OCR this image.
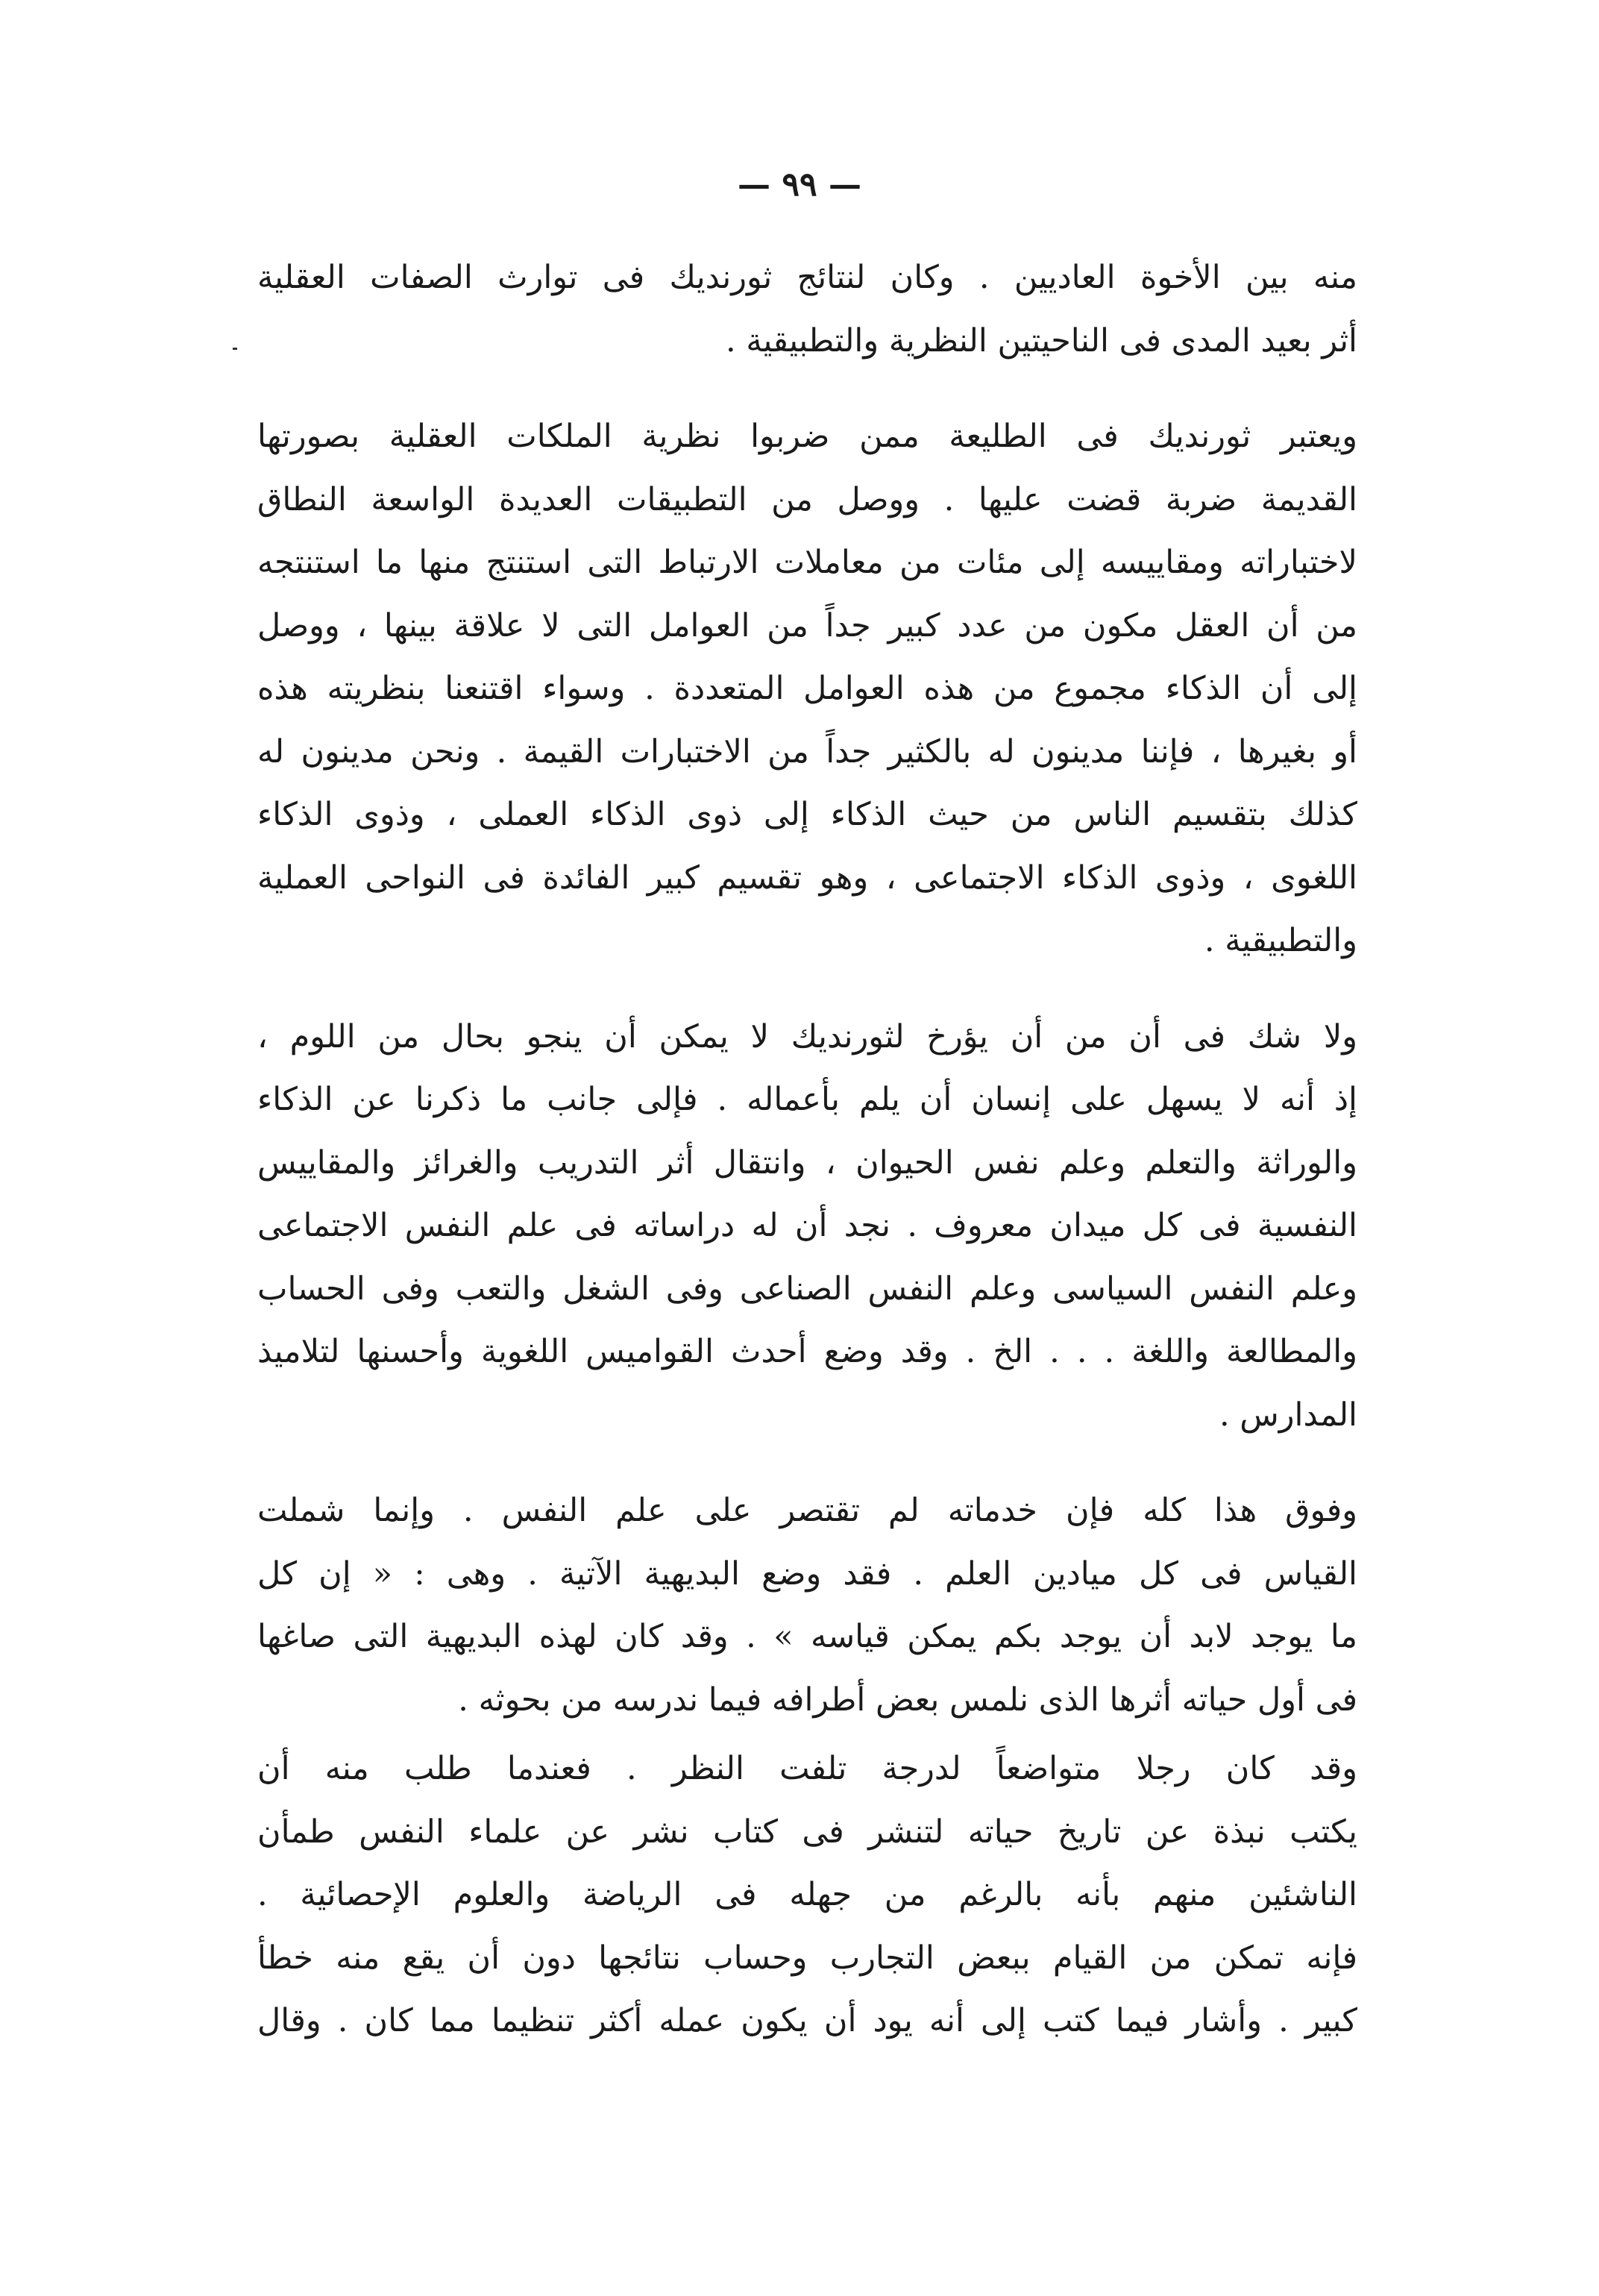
— ٩٩ —
منه بين الأخوة العاديين . وكان لنتائج ثورنديك فى توارث الصفات العقلية
أثر بعيد المدى فى الناحيتين النظرية والتطبيقية .
ويعتبر ثورنديك فى الطليعة ممن ضربوا نظرية الملكات العقلية بصورتها
القديمة ضربة قضت عليها . ووصل من التطبيقات العديدة الواسعة النطاق
لاختباراته ومقاييسه إلى مئات من معاملات الارتباط التى استنتج منها ما استنتجه
من أن العقل مكون من عدد كبير جداً من العوامل التى لا علاقة بينها ، ووصل
إلى أن الذكاء مجموع من هذه العوامل المتعددة . وسواء اقتنعنا بنظريته هذه
أو بغيرها ، فإننا مدينون له بالكثير جداً من الاختبارات القيمة . ونحن مدينون له
كذلك بتقسيم الناس من حيث الذكاء إلى ذوى الذكاء العملى ، وذوى الذكاء
اللغوى ، وذوى الذكاء الاجتماعى ، وهو تقسيم كبير الفائدة فى النواحى العملية
والتطبيقية .
ولا شك فى أن من أن يؤرخ لثورنديك لا يمكن أن ينجو بحال من اللوم ،
إذ أنه لا يسهل على إنسان أن يلم بأعماله . فإلى جانب ما ذكرنا عن الذكاء
والوراثة والتعلم وعلم نفس الحيوان ، وانتقال أثر التدريب والغرائز والمقاييس
النفسية فى كل ميدان معروف . نجد أن له دراساته فى علم النفس الاجتماعى
وعلم النفس السياسى وعلم النفس الصناعى وفى الشغل والتعب وفى الحساب
والمطالعة واللغة . . . الخ . وقد وضع أحدث القواميس اللغوية وأحسنها لتلاميذ
المدارس .
وفوق هذا كله فإن خدماته لم تقتصر على علم النفس . وإنما شملت
القياس فى كل ميادين العلم . فقد وضع البديهية الآتية . وهى : « إن كل
ما يوجد لابد أن يوجد بكم يمكن قياسه » . وقد كان لهذه البديهية التى صاغها
فى أول حياته أثرها الذى نلمس بعض أطرافه فيما ندرسه من بحوثه .
وقد كان رجلا متواضعاً لدرجة تلفت النظر . فعندما طلب منه أن
يكتب نبذة عن تاريخ حياته لتنشر فى كتاب نشر عن علماء النفس طمأن
الناشئين منهم بأنه بالرغم من جهله فى الرياضة والعلوم الإحصائية .
فإنه تمكن من القيام ببعض التجارب وحساب نتائجها دون أن يقع منه خطأ
كبير . وأشار فيما كتب إلى أنه يود أن يكون عمله أكثر تنظيما مما كان . وقال
